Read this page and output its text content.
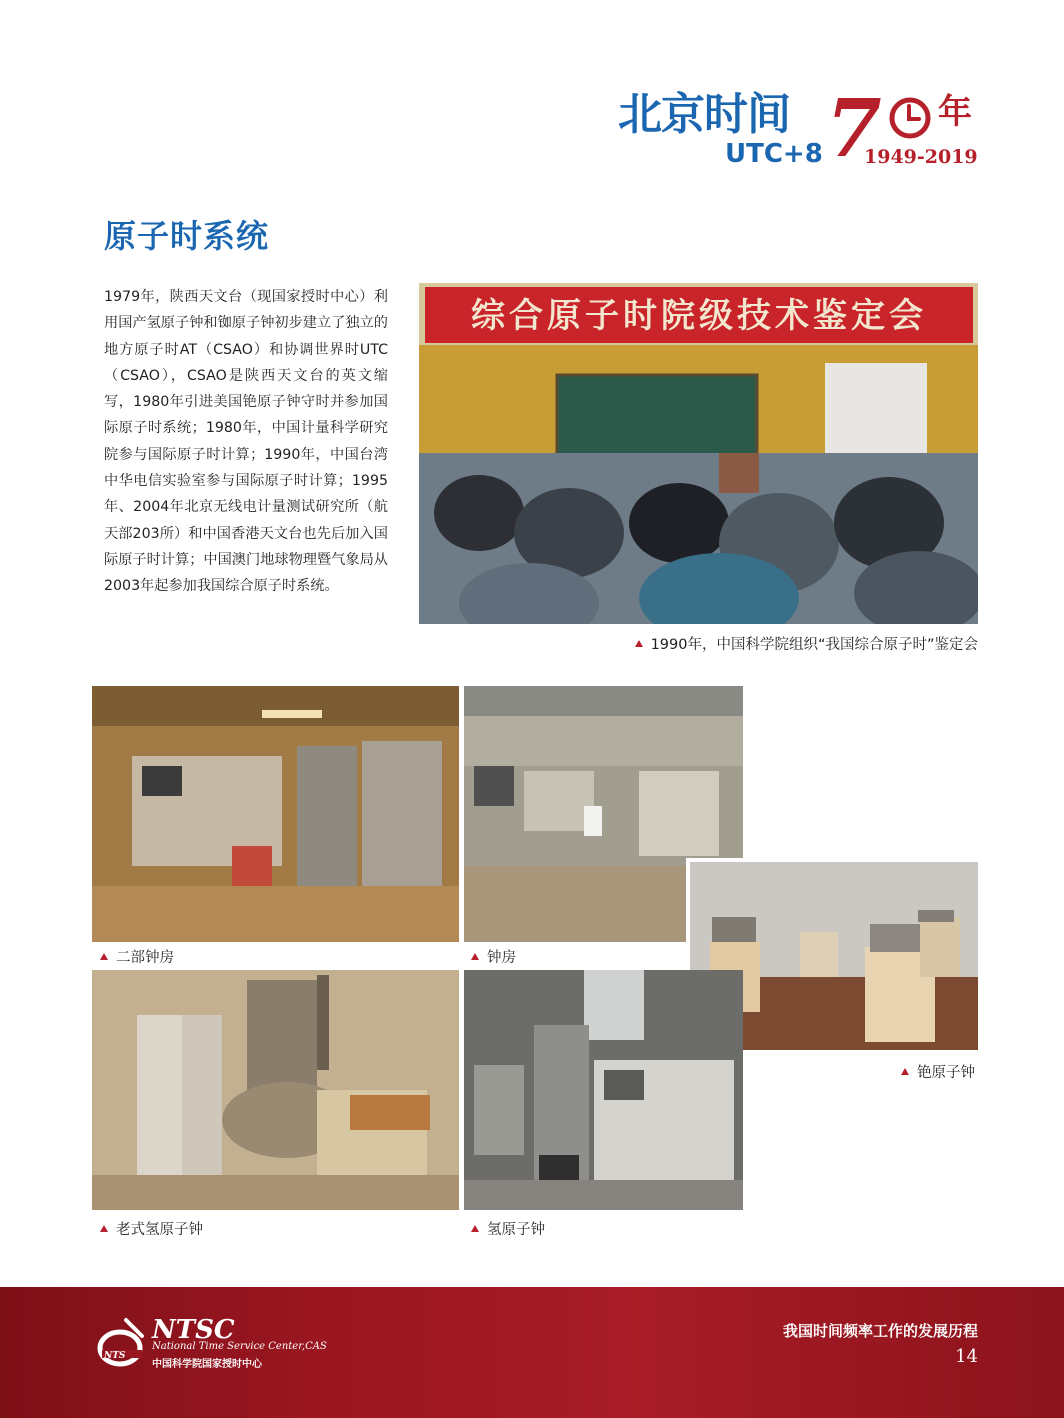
北京时间
UTC+8 7 年
1949-2019
原子时系统
1979年，陕西天文台（现国家授时中心）利用国产氢原子钟和铷原子钟初步建立了独立的地方原子时AT（CSAO）和协调世界时UTC（CSAO），CSAO是陕西天文台的英文缩写，1980年引进美国铯原子钟守时并参加国际原子时系统；1980年，中国计量科学研究院参与国际原子时计算；1990年，中国台湾中华电信实验室参与国际原子时计算；1995年、2004年北京无线电计量测试研究所（航天部203所）和中国香港天文台也先后加入国际原子时计算；中国澳门地球物理暨气象局从2003年起参加我国综合原子时系统。
综合原子时院级技术鉴定会
1990年，中国科学院组织“我国综合原子时”鉴定会
二部钟房	钟房
铯原子钟
老式氢原子钟	氢原子钟
NTS
NTSC
National Time Service Center,CAS
中国科学院国家授时中心
我国时间频率工作的发展历程
14
